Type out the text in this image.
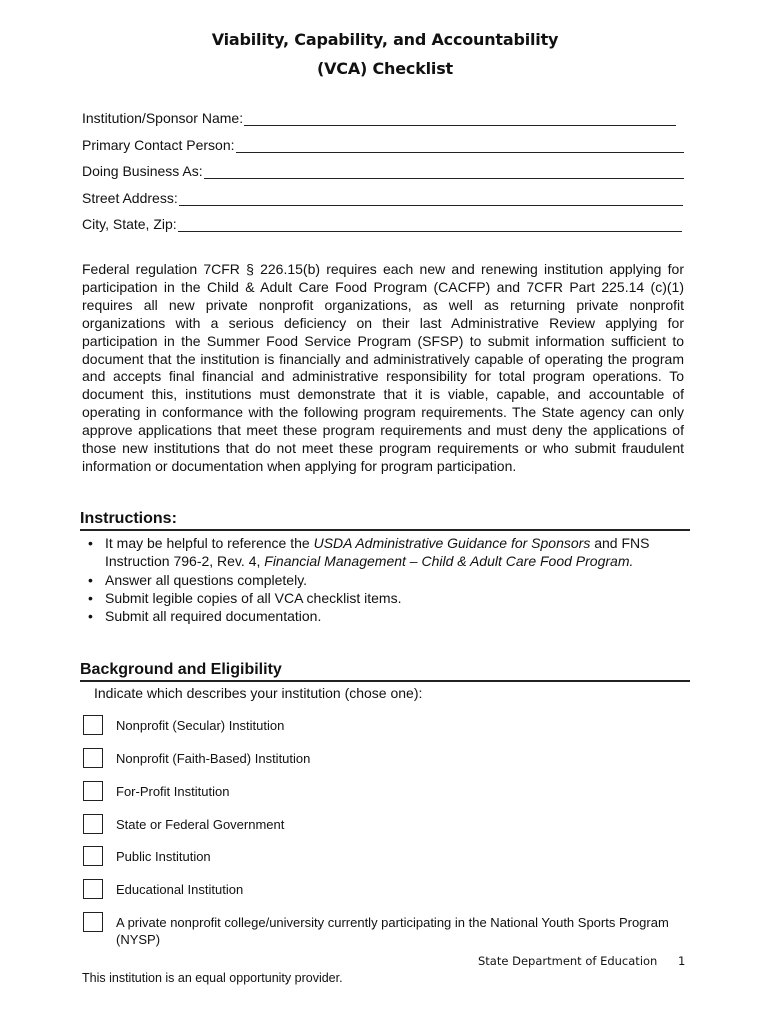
Viability, Capability, and Accountability
(VCA) Checklist
Institution/Sponsor Name:
Primary Contact Person:
Doing Business As:
Street Address:
City, State, Zip:
Federal regulation 7CFR § 226.15(b) requires each new and renewing institution applying for participation in the Child & Adult Care Food Program (CACFP) and 7CFR Part 225.14 (c)(1) requires all new private nonprofit organizations, as well as returning private nonprofit organizations with a serious deficiency on their last Administrative Review applying for participation in the Summer Food Service Program (SFSP) to submit information sufficient to document that the institution is financially and administratively capable of operating the program and accepts final financial and administrative responsibility for total program operations. To document this, institutions must demonstrate that it is viable, capable, and accountable of operating in conformance with the following program requirements. The State agency can only approve applications that meet these program requirements and must deny the applications of those new institutions that do not meet these program requirements or who submit fraudulent information or documentation when applying for program participation.
Instructions:
• It may be helpful to reference the USDA Administrative Guidance for Sponsors and FNS Instruction 796-2, Rev. 4, Financial Management – Child & Adult Care Food Program.
• Answer all questions completely.
• Submit legible copies of all VCA checklist items.
• Submit all required documentation.
Background and Eligibility
Indicate which describes your institution (chose one):
Nonprofit (Secular) Institution
Nonprofit (Faith-Based) Institution
For-Profit Institution
State or Federal Government
Public Institution
Educational Institution
A private nonprofit college/university currently participating in the National Youth Sports Program (NYSP)
State Department of Education 1
This institution is an equal opportunity provider.
